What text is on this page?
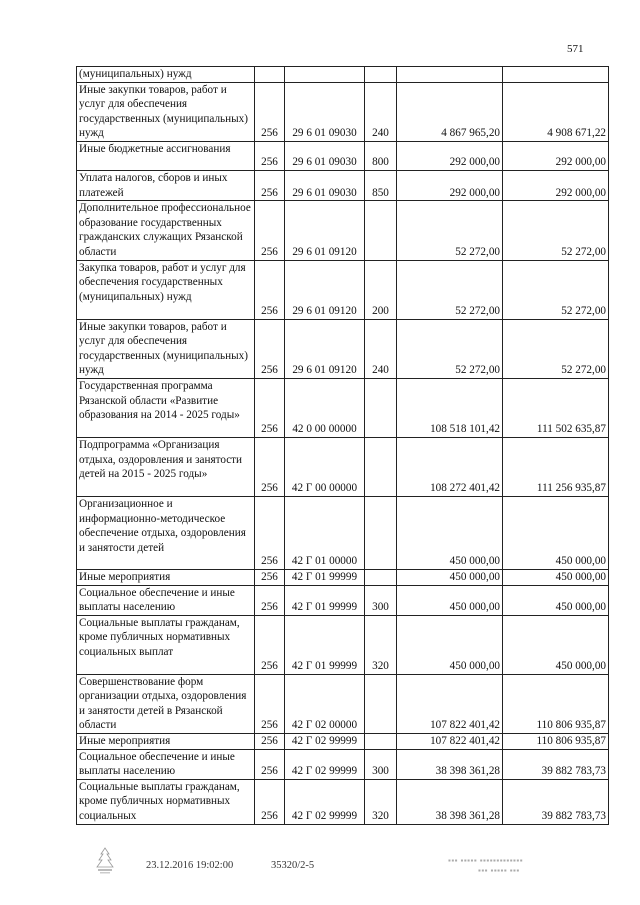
571
(муниципальных) нужд					
Иные закупки товаров, работ и услуг для обеспечения государственных (муниципальных) нужд	256	29 6 01 09030	240	4 867 965,20	4 908 671,22
Иные бюджетные ассигнования	256	29 6 01 09030	800	292 000,00	292 000,00
Уплата налогов, сборов и иных платежей	256	29 6 01 09030	850	292 000,00	292 000,00
Дополнительное профессиональное образование государственных гражданских служащих Рязанской области	256	29 6 01 09120		52 272,00	52 272,00
Закупка товаров, работ и услуг для обеспечения государственных (муниципальных) нужд	256	29 6 01 09120	200	52 272,00	52 272,00
Иные закупки товаров, работ и услуг для обеспечения государственных (муниципальных) нужд	256	29 6 01 09120	240	52 272,00	52 272,00
Государственная программа Рязанской области «Развитие образования на 2014 - 2025 годы»	256	42 0 00 00000		108 518 101,42	111 502 635,87
Подпрограмма «Организация отдыха, оздоровления и занятости детей на 2015 - 2025 годы»	256	42 Г 00 00000		108 272 401,42	111 256 935,87
Организационное и информационно-методическое обеспечение отдыха, оздоровления и занятости детей	256	42 Г 01 00000		450 000,00	450 000,00
Иные мероприятия	256	42 Г 01 99999		450 000,00	450 000,00
Социальное обеспечение и иные выплаты населению	256	42 Г 01 99999	300	450 000,00	450 000,00
Социальные выплаты гражданам, кроме публичных нормативных социальных выплат	256	42 Г 01 99999	320	450 000,00	450 000,00
Совершенствование форм организации отдыха, оздоровления и занятости детей в Рязанской области	256	42 Г 02 00000		107 822 401,42	110 806 935,87
Иные мероприятия	256	42 Г 02 99999		107 822 401,42	110 806 935,87
Социальное обеспечение и иные выплаты населению	256	42 Г 02 99999	300	38 398 361,28	39 882 783,73
Социальные выплаты гражданам, кроме публичных нормативных социальных	256	42 Г 02 99999	320	38 398 361,28	39 882 783,73
23.12.2016 19:02:00	35320/2-5	▪▪▪ ▪▪▪▪▪ ▪▪▪▪▪▪▪▪▪▪▪▪▪
▪▪▪ ▪▪▪▪▪ ▪▪▪
